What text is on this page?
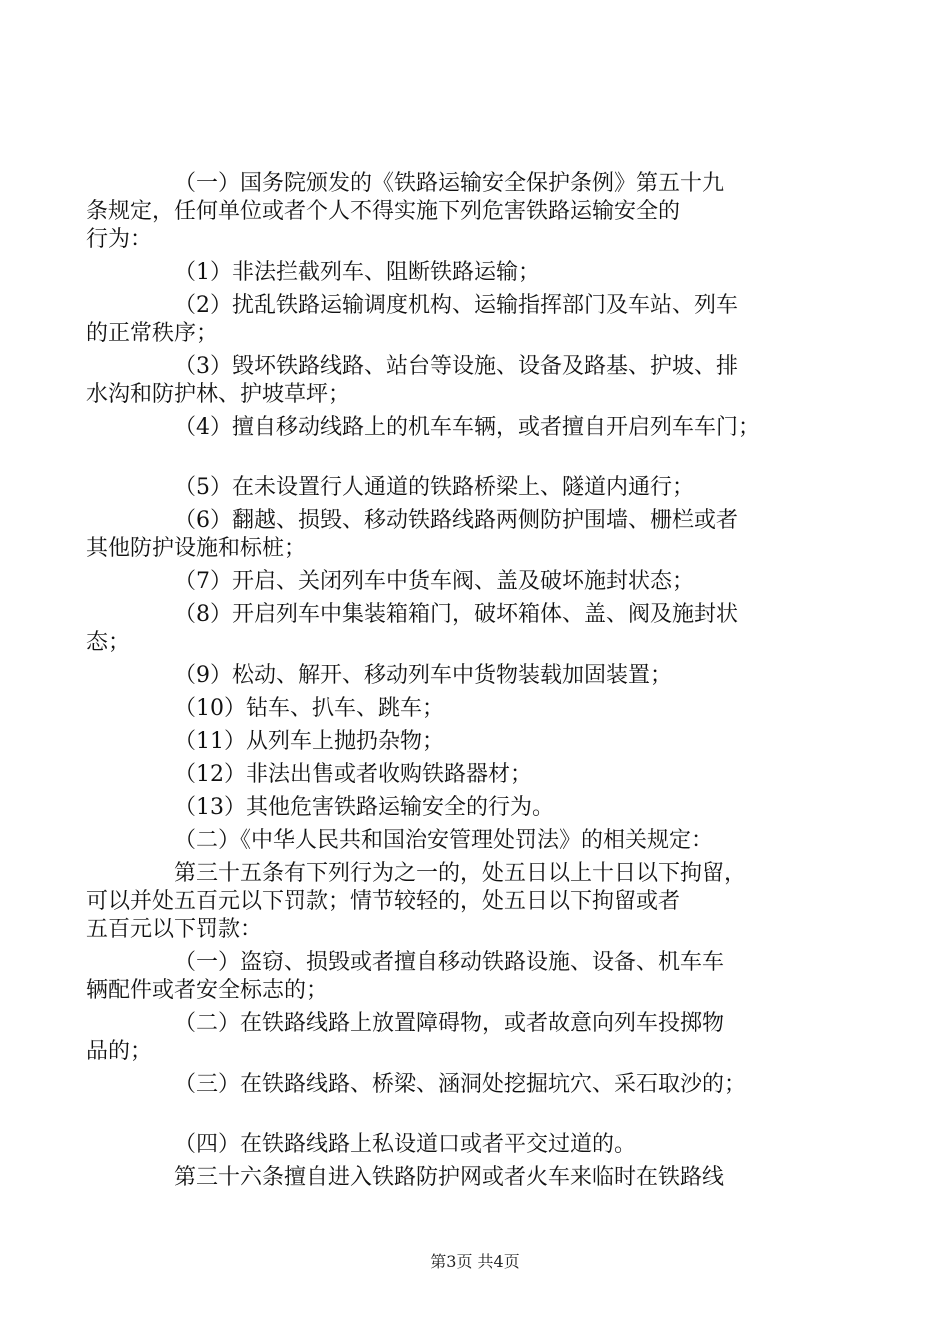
（一）国务院颁发的《铁路运输安全保护条例》第五十九
条规定，任何单位或者个人不得实施下列危害铁路运输安全的
行为：

（1）非法拦截列车、阻断铁路运输；

（2）扰乱铁路运输调度机构、运输指挥部门及车站、列车
的正常秩序；

（3）毁坏铁路线路、站台等设施、设备及路基、护坡、排
水沟和防护林、护坡草坪；

（4）擅自移动线路上的机车车辆，或者擅自开启列车车门；

（5）在未设置行人通道的铁路桥梁上、隧道内通行；

（6）翻越、损毁、移动铁路线路两侧防护围墙、栅栏或者
其他防护设施和标桩；

（7）开启、关闭列车中货车阀、盖及破坏施封状态；

（8）开启列车中集装箱箱门，破坏箱体、盖、阀及施封状
态；

（9）松动、解开、移动列车中货物装载加固装置；

（10）钻车、扒车、跳车；

（11）从列车上抛扔杂物；

（12）非法出售或者收购铁路器材；

（13）其他危害铁路运输安全的行为。

（二）《中华人民共和国治安管理处罚法》的相关规定：

第三十五条有下列行为之一的，处五日以上十日以下拘留，
可以并处五百元以下罚款；情节较轻的，处五日以下拘留或者
五百元以下罚款：

（一）盗窃、损毁或者擅自移动铁路设施、设备、机车车
辆配件或者安全标志的；

（二）在铁路线路上放置障碍物，或者故意向列车投掷物
品的；

（三）在铁路线路、桥梁、涵洞处挖掘坑穴、采石取沙的；

（四）在铁路线路上私设道口或者平交过道的。

第三十六条擅自进入铁路防护网或者火车来临时在铁路线

第3页 共4页
